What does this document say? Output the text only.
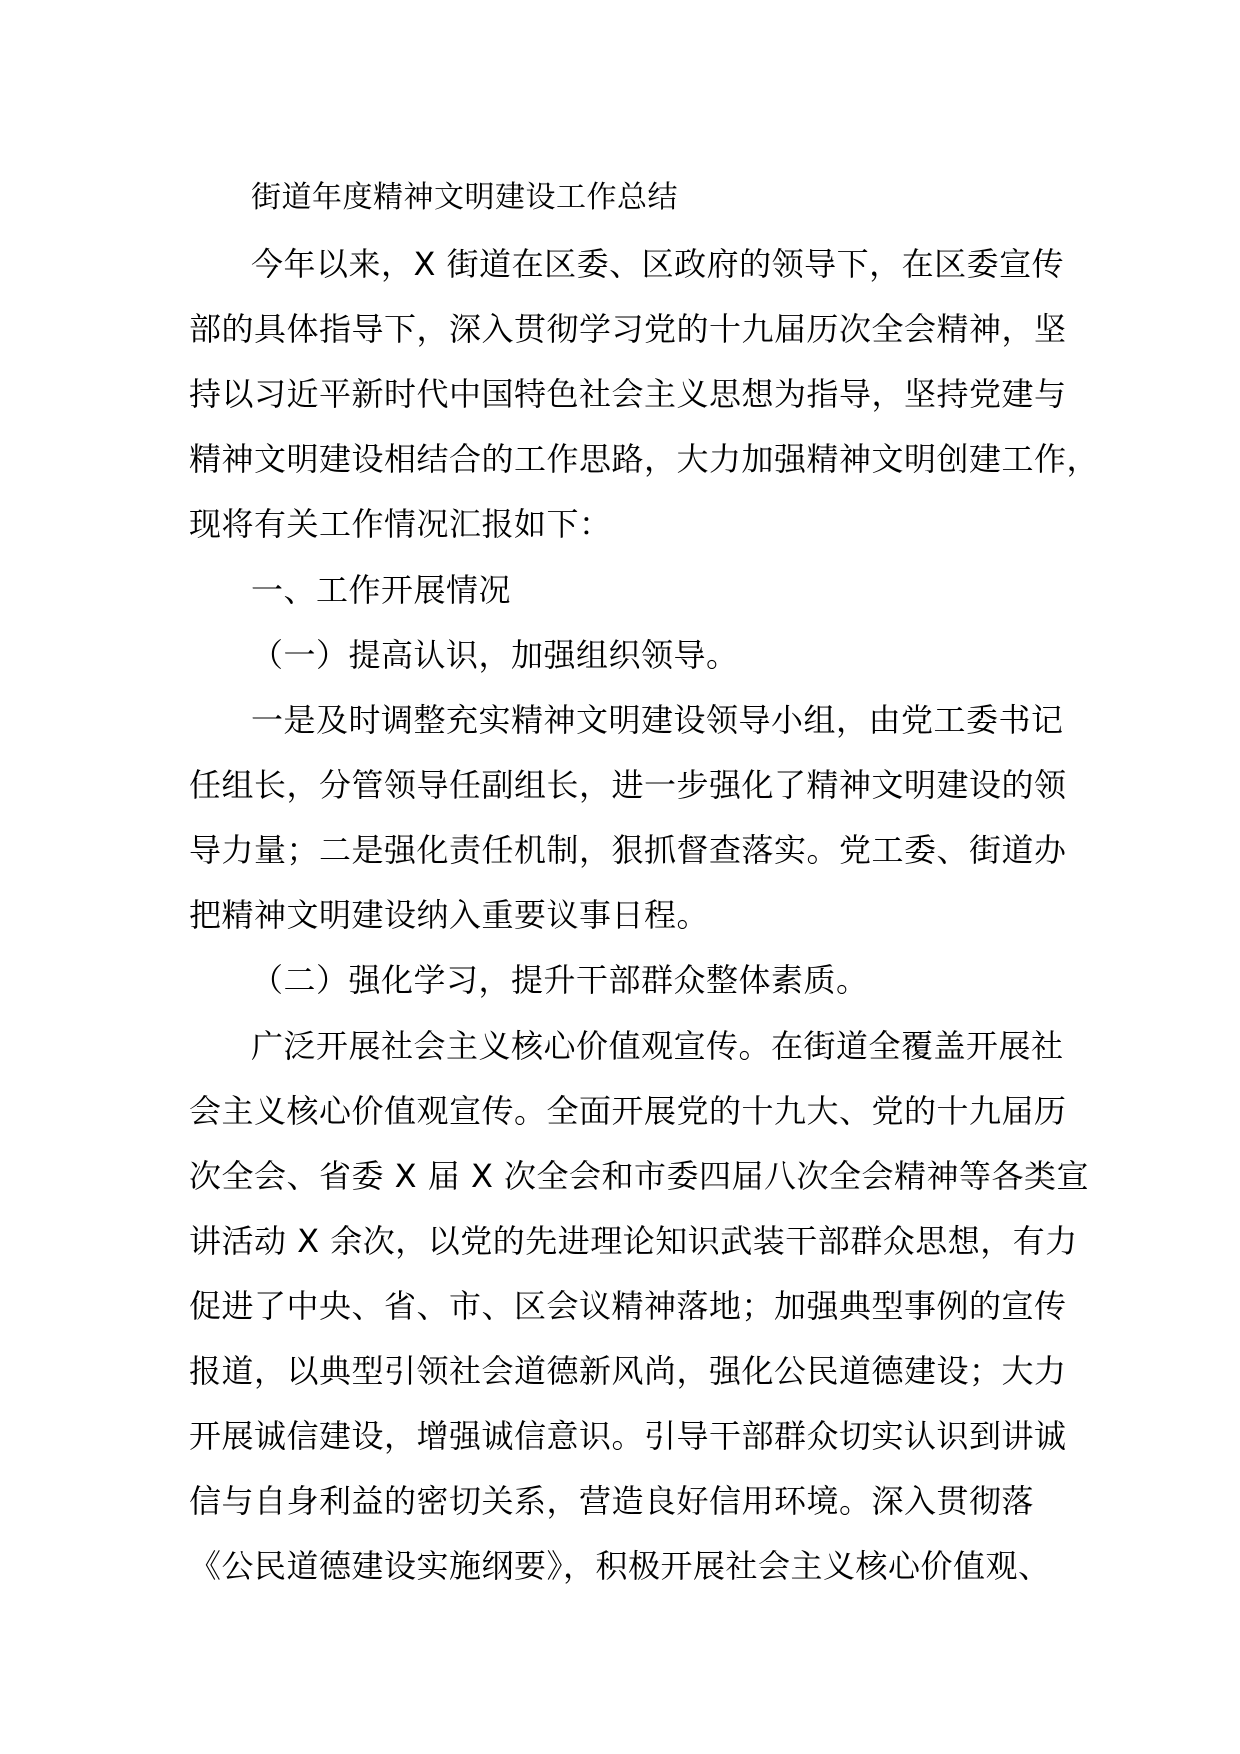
街道年度精神文明建设工作总结
今年以来，X 街道在区委、区政府的领导下，在区委宣传
部的具体指导下，深入贯彻学习党的十九届历次全会精神，坚
持以习近平新时代中国特色社会主义思想为指导，坚持党建与
精神文明建设相结合的工作思路，大力加强精神文明创建工作，
现将有关工作情况汇报如下：
一、工作开展情况
（一）提高认识，加强组织领导。
一是及时调整充实精神文明建设领导小组，由党工委书记
任组长，分管领导任副组长，进一步强化了精神文明建设的领
导力量；二是强化责任机制，狠抓督查落实。党工委、街道办
把精神文明建设纳入重要议事日程。
（二）强化学习，提升干部群众整体素质。
广泛开展社会主义核心价值观宣传。在街道全覆盖开展社
会主义核心价值观宣传。全面开展党的十九大、党的十九届历
次全会、省委 X 届 X 次全会和市委四届八次全会精神等各类宣
讲活动 X 余次，以党的先进理论知识武装干部群众思想，有力
促进了中央、省、市、区会议精神落地；加强典型事例的宣传
报道，以典型引领社会道德新风尚，强化公民道德建设；大力
开展诚信建设，增强诚信意识。引导干部群众切实认识到讲诚
信与自身利益的密切关系，营造良好信用环境。深入贯彻落
《公民道德建设实施纲要》，积极开展社会主义核心价值观、
